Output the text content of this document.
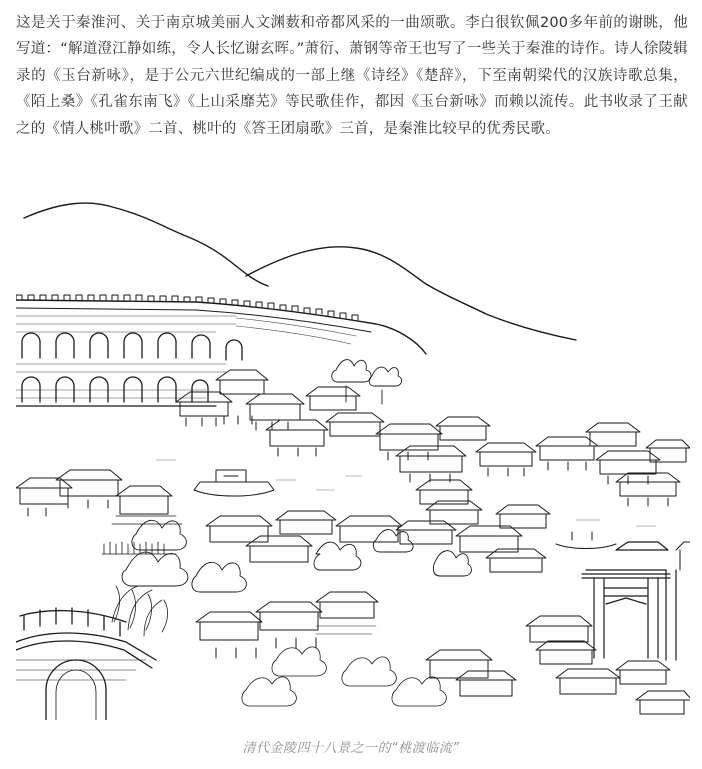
这是关于秦淮河、关于南京城美丽人文渊薮和帝都风采的一曲颂歌。李白很钦佩200多年前的谢眺，他写道：“解道澄江静如练，令人长忆谢玄晖。”萧衍、萧钢等帝王也写了一些关于秦淮的诗作。诗人徐陵辑录的《玉台新咏》，是于公元六世纪编成的一部上继《诗经》《楚辞》，下至南朝梁代的汉族诗歌总集，《陌上桑》《孔雀东南飞》《上山采靡芜》等民歌佳作，都因《玉台新咏》而赖以流传。此书收录了王献之的《情人桃叶歌》二首、桃叶的《答王团扇歌》三首，是秦淮比较早的优秀民歌。

清代金陵四十八景之一的“桃渡临流”
